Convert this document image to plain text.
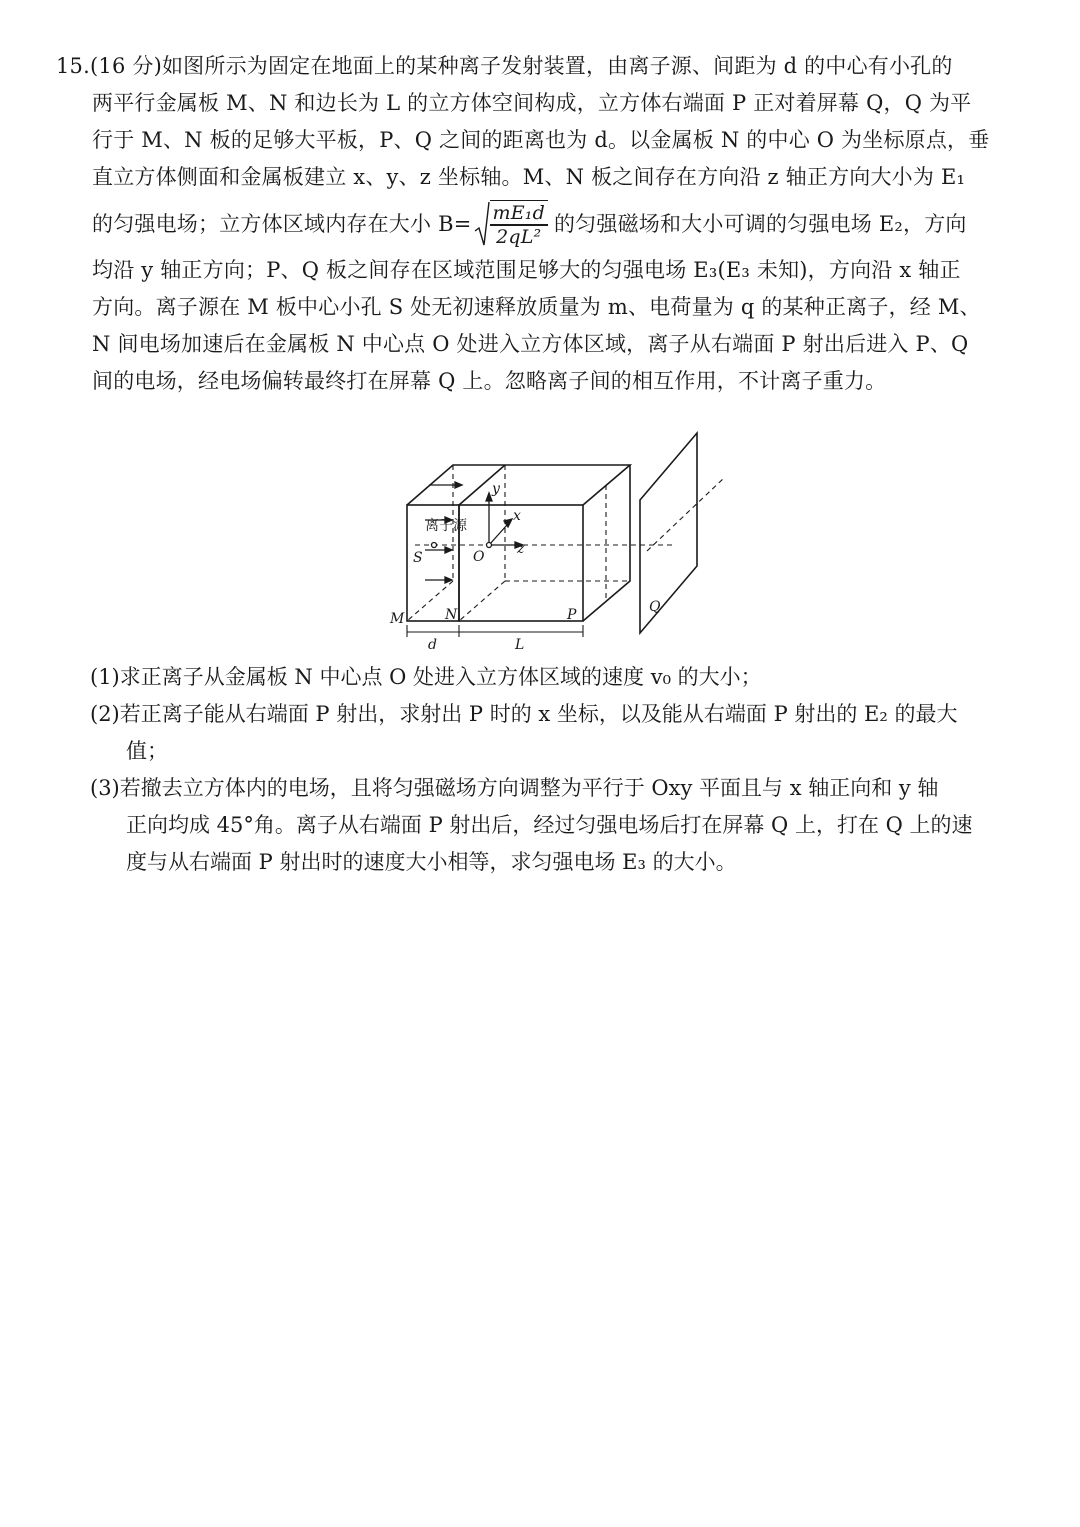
15.(16 分)如图所示为固定在地面上的某种离子发射装置，由离子源、间距为 d 的中心有小孔的
两平行金属板 M、N 和边长为 L 的立方体空间构成，立方体右端面 P 正对着屏幕 Q，Q 为平
行于 M、N 板的足够大平板，P、Q 之间的距离也为 d。以金属板 N 的中心 O 为坐标原点，垂
直立方体侧面和金属板建立 x、y、z 坐标轴。M、N 板之间存在方向沿 z 轴正方向大小为 E₁
的匀强电场；立方体区域内存在大小 $B= \frac{\text{mE₁d}}{\text{2qL²}}$ 的匀强磁场和大小可调的匀强电场 E₂，方向
均沿 y 轴正方向；P、Q 板之间存在区域范围足够大的匀强电场 E₃(E₃ 未知)，方向沿 x 轴正
方向。离子源在 M 板中心小孔 S 处无初速释放质量为 m、电荷量为 q 的某种正离子，经 M、
N 间电场加速后在金属板 N 中心点 O 处进入立方体区域，离子从右端面 P 射出后进入 P、Q
间的电场，经电场偏转最终打在屏幕 Q 上。忽略离子间的相互作用，不计离子重力。
离子源
S	O
y
x
z
M	N	P	Q
d	L
(1)求正离子从金属板 N 中心点 O 处进入立方体区域的速度 v₀ 的大小；
(2)若正离子能从右端面 P 射出，求射出 P 时的 x 坐标，以及能从右端面 P 射出的 E₂ 的最大
值；
(3)若撤去立方体内的电场，且将匀强磁场方向调整为平行于 Oxy 平面且与 x 轴正向和 y 轴
正向均成 45°角。离子从右端面 P 射出后，经过匀强电场后打在屏幕 Q 上，打在 Q 上的速
度与从右端面 P 射出时的速度大小相等，求匀强电场 E₃ 的大小。
